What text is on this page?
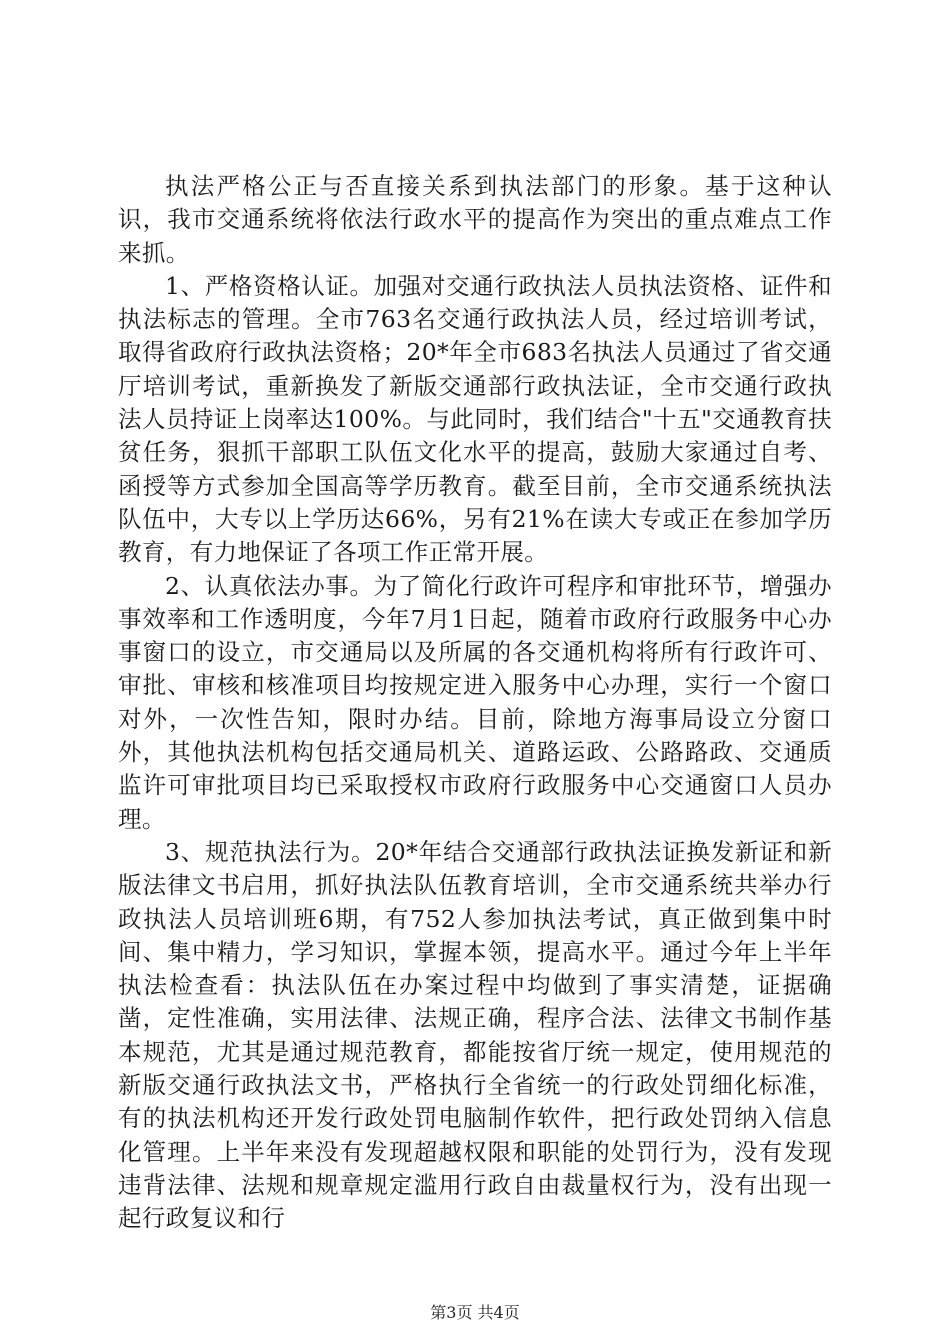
执法严格公正与否直接关系到执法部门的形象。基于这种认识，我市交通系统将依法行政水平的提高作为突出的重点难点工作来抓。

1、严格资格认证。加强对交通行政执法人员执法资格、证件和执法标志的管理。全市763名交通行政执法人员，经过培训考试，取得省政府行政执法资格；20*年全市683名执法人员通过了省交通厅培训考试，重新换发了新版交通部行政执法证，全市交通行政执法人员持证上岗率达100%。与此同时，我们结合"十五"交通教育扶贫任务，狠抓干部职工队伍文化水平的提高，鼓励大家通过自考、函授等方式参加全国高等学历教育。截至目前，全市交通系统执法队伍中，大专以上学历达66%，另有21%在读大专或正在参加学历教育，有力地保证了各项工作正常开展。

2、认真依法办事。为了简化行政许可程序和审批环节，增强办事效率和工作透明度，今年7月1日起，随着市政府行政服务中心办事窗口的设立，市交通局以及所属的各交通机构将所有行政许可、审批、审核和核准项目均按规定进入服务中心办理，实行一个窗口对外，一次性告知，限时办结。目前，除地方海事局设立分窗口外，其他执法机构包括交通局机关、道路运政、公路路政、交通质监许可审批项目均已采取授权市政府行政服务中心交通窗口人员办理。

3、规范执法行为。20*年结合交通部行政执法证换发新证和新版法律文书启用，抓好执法队伍教育培训，全市交通系统共举办行政执法人员培训班6期，有752人参加执法考试，真正做到集中时间、集中精力，学习知识，掌握本领，提高水平。通过今年上半年执法检查看：执法队伍在办案过程中均做到了事实清楚，证据确凿，定性准确，实用法律、法规正确，程序合法、法律文书制作基本规范，尤其是通过规范教育，都能按省厅统一规定，使用规范的新版交通行政执法文书，严格执行全省统一的行政处罚细化标准，有的执法机构还开发行政处罚电脑制作软件，把行政处罚纳入信息化管理。上半年来没有发现超越权限和职能的处罚行为，没有发现违背法律、法规和规章规定滥用行政自由裁量权行为，没有出现一起行政复议和行

第3页 共4页
